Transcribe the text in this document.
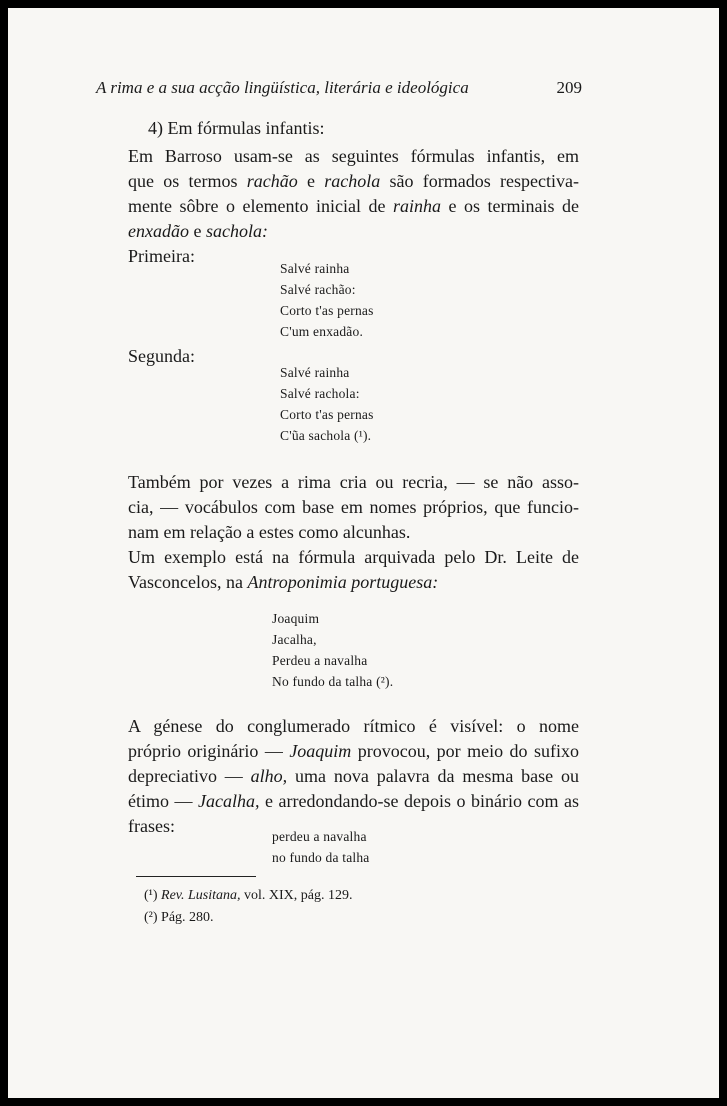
A rima e a sua acção lingüística, literária e ideológica	209
4) Em fórmulas infantis:
Em Barroso usam-se as seguintes fórmulas infantis, em
que os termos rachão e rachola são formados respectiva-
mente sôbre o elemento inicial de rainha e os terminais de
enxadão e sachola:
Primeira:
Salvé rainha
Salvé rachão:
Corto t'as pernas
C'um enxadão.
Segunda:
Salvé rainha
Salvé rachola:
Corto t'as pernas
C'ũa sachola (¹).
Também por vezes a rima cria ou recria, — se não asso-
cia, — vocábulos com base em nomes próprios, que funcio-
nam em relação a estes como alcunhas.
Um exemplo está na fórmula arquivada pelo Dr. Leite de
Vasconcelos, na Antroponimia portuguesa:
Joaquim
Jacalha,
Perdeu a navalha
No fundo da talha (²).
A génese do conglumerado rítmico é visível: o nome
próprio originário — Joaquim provocou, por meio do sufixo
depreciativo — alho, uma nova palavra da mesma base ou
étimo — Jacalha, e arredondando-se depois o binário com as
frases:
perdeu a navalha
no fundo da talha
(¹) Rev. Lusitana, vol. XIX, pág. 129.
(²) Pág. 280.
